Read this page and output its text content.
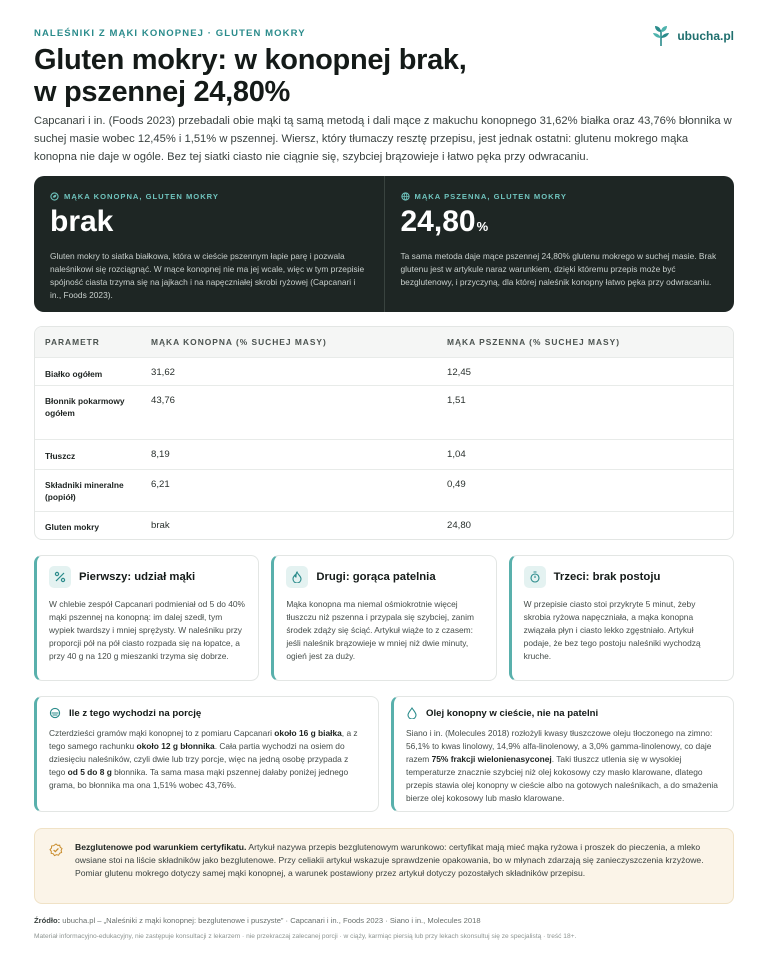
NALEŚNIKI Z MĄKI KONOPNEJ · GLUTEN MOKRY	ubucha.pl
Gluten mokry: w konopnej brak,
w pszennej 24,80%

Capcanari i in. (Foods 2023) przebadali obie mąki tą samą metodą i dali mące z makuchu konopnego 31,62% białka oraz 43,76% błonnika w suchej masie wobec 12,45% i 1,51% w pszennej. Wiersz, który tłumaczy resztę przepisu, jest jednak ostatni: glutenu mokrego mąka konopna nie daje w ogóle. Bez tej siatki ciasto nie ciągnie się, szybciej brązowieje i łatwo pęka przy odwracaniu.

MĄKA KONOPNA, GLUTEN MOKRY
brak

Gluten mokry to siatka białkowa, która w cieście pszennym łapie parę i pozwala naleśnikowi się rozciągnąć. W mące konopnej nie ma jej wcale, więc w tym przepisie spójność ciasta trzyma się na jajkach i na napęczniałej skrobi ryżowej (Capcanari i in., Foods 2023).

MĄKA PSZENNA, GLUTEN MOKRY
24,80%

Ta sama metoda daje mące pszennej 24,80% glutenu mokrego w suchej masie. Brak glutenu jest w artykule naraz warunkiem, dzięki któremu przepis może być bezglutenowy, i przyczyną, dla której naleśnik konopny łatwo pęka przy odwracaniu.

PARAMETR	MĄKA KONOPNA (% SUCHEJ MASY)	MĄKA PSZENNA (% SUCHEJ MASY)
Białko ogółem	31,62	12,45
Błonnik pokarmowy ogółem	43,76	1,51
Tłuszcz	8,19	1,04
Składniki mineralne (popiół)	6,21	0,49
Gluten mokry	brak	24,80
Pierwszy: udział mąki

W chlebie zespół Capcanari podmieniał od 5 do 40% mąki pszennej na konopną: im dalej szedł, tym wypiek twardszy i mniej sprężysty. W naleśniku przy proporcji pół na pół ciasto rozpada się na łopatce, a przy 40 g na 120 g mieszanki trzyma się dobrze.

Drugi: gorąca patelnia

Mąka konopna ma niemal ośmiokrotnie więcej tłuszczu niż pszenna i przypala się szybciej, zanim środek zdąży się ściąć. Artykuł wiąże to z czasem: jeśli naleśnik brązowieje w mniej niż dwie minuty, ogień jest za duży.

Trzeci: brak postoju

W przepisie ciasto stoi przykryte 5 minut, żeby skrobia ryżowa napęczniała, a mąka konopna związała płyn i ciasto lekko zgęstniało. Artykuł podaje, że bez tego postoju naleśniki wychodzą kruche.

Ile z tego wychodzi na porcję

Czterdzieści gramów mąki konopnej to z pomiaru Capcanari około 16 g białka, a z tego samego rachunku około 12 g błonnika. Cała partia wychodzi na osiem do dziesięciu naleśników, czyli dwie lub trzy porcje, więc na jedną osobę przypada z tego od 5 do 8 g błonnika. Ta sama masa mąki pszennej dałaby poniżej jednego grama, bo błonnika ma ona 1,51% wobec 43,76%.

Olej konopny w cieście, nie na patelni

Siano i in. (Molecules 2018) rozłożyli kwasy tłuszczowe oleju tłoczonego na zimno: 56,1% to kwas linolowy, 14,9% alfa-linolenowy, a 3,0% gamma-linolenowy, co daje razem 75% frakcji wielonienasyconej. Taki tłuszcz utlenia się w wysokiej temperaturze znacznie szybciej niż olej kokosowy czy masło klarowane, dlatego przepis stawia olej konopny w cieście albo na gotowych naleśnikach, a do smażenia bierze olej kokosowy lub masło klarowane.

Bezglutenowe pod warunkiem certyfikatu. Artykuł nazywa przepis bezglutenowym warunkowo: certyfikat mają mieć mąka ryżowa i proszek do pieczenia, a mleko owsiane stoi na liście składników jako bezglutenowe. Przy celiakii artykuł wskazuje sprawdzenie opakowania, bo w młynach zdarzają się zanieczyszczenia krzyżowe. Pomiar glutenu mokrego dotyczy samej mąki konopnej, a warunek postawiony przez artykuł dotyczy pozostałych składników przepisu.

Źródło: ubucha.pl – „Naleśniki z mąki konopnej: bezglutenowe i puszyste” · Capcanari i in., Foods 2023 · Siano i in., Molecules 2018

Materiał informacyjno-edukacyjny, nie zastępuje konsultacji z lekarzem · nie przekraczaj zalecanej porcji · w ciąży, karmiąc piersią lub przy lekach skonsultuj się ze specjalistą · treść 18+.
